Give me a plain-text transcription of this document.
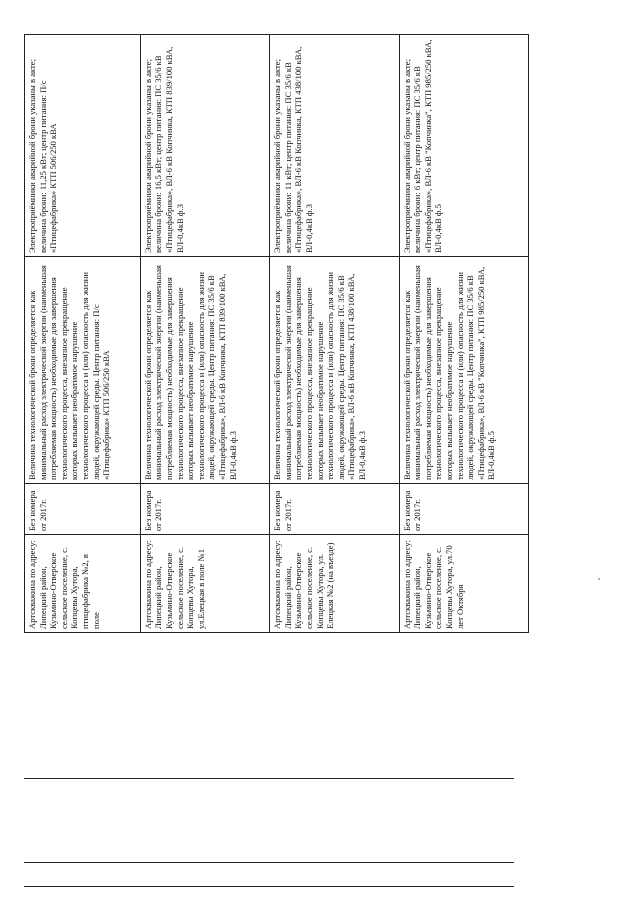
Артскважина по адресу: Липецкий район, Кузьмино-Отверское сельское поселение, с. Копцевы Хутора, птицефабрика №2, в поле	Без номера от 2017г.	Величина технологической брони определяется как минимальный расход электрической энергии (наименьшая потребляемая мощность) необходимые для завершения технологического процесса, внезапное прекращение которых вызывает необратимое нарушение технологического процесса и (или) опасность для жизни людей, окружающей среды. Центр питания: П/с «Птицефабрика» КТП 506/250 кВА	Электроприёмники аварийной брони указаны в акте; величина брони: 11,25 кВт; центр питания: П/с «Птицефабрика» КТП 506/250 кВА
Артскважина по адресу: Липецкий район, Кузьмино-Отверское сельское поселение, с. Копцевы Хутора, ул.Елецкая в поле №1	Без номера от 2017г.	Величина технологической брони определяется как минимальный расход электрической энергии (наименьшая потребляемая мощность) необходимые для завершения технологического процесса, внезапное прекращение которых вызывает необратимое нарушение технологического процесса и (или) опасность для жизни людей, окружающей среды. Центр питания: ПС 35/6 кВ «Птицефабрика», ВЛ-6 кВ Копчинка, КТП 839/100 кВА, ВЛ-0,4кВ ф.3	Электроприёмники аварийной брони указаны в акте; величина брони: 16,5 кВт; центр питания: ПС 35/6 кВ «Птицефабрика», ВЛ-6 кВ Копчинка, КТП 839/100 кВА, ВЛ-0,4кВ ф.3
Артскважина по адресу: Липецкий район, Кузьмино-Отверское сельское поселение, с. Копцевы Хутора, ул. Елецкая №2 (на въезде)	Без номера от 2017г.	Величина технологической брони определяется как минимальный расход электрической энергии (наименьшая потребляемая мощность) необходимые для завершения технологического процесса, внезапное прекращение которых вызывает необратимое нарушение технологического процесса и (или) опасность для жизни людей, окружающей среды. Центр питания: ПС 35/6 кВ «Птицефабрика», ВЛ-6 кВ Копчинка, КТП 438/100 кВА, ВЛ-0,4кВ ф.3	Электроприёмники аварийной брони указаны в акте; величина брони: 11 кВт; центр питания: ПС 35/6 кВ «Птицефабрика», ВЛ-6 кВ Копчинка, КТП 438/100 кВА, ВЛ-0,4кВ ф.3
Артскважина по адресу: Липецкий район, Кузьмино-Отверское сельское поселение, с. Копцевы Хутора, ул.70 лет Октября	Без номера от 2017г.	Величина технологической брони определяется как минимальный расход электрической энергии (наименьшая потребляемая мощность) необходимые для завершения технологического процесса, внезапное прекращение которых вызывает необратимое нарушение технологического процесса и (или) опасность для жизни людей, окружающей среды. Центр питания: ПС 35/6 кВ «Птицефабрика», ВЛ-6 кВ "Копчинка", КТП 985/250 кВА, ВЛ-0,4кВ ф.5	Электроприёмники аварийной брони указаны в акте; величина брони: 6 кВт; центр питания: ПС 35/6 кВ «Птицефабрика», ВЛ-6 кВ "Копчинка", КТП 985/250 кВА, ВЛ-0,4кВ ф.5
